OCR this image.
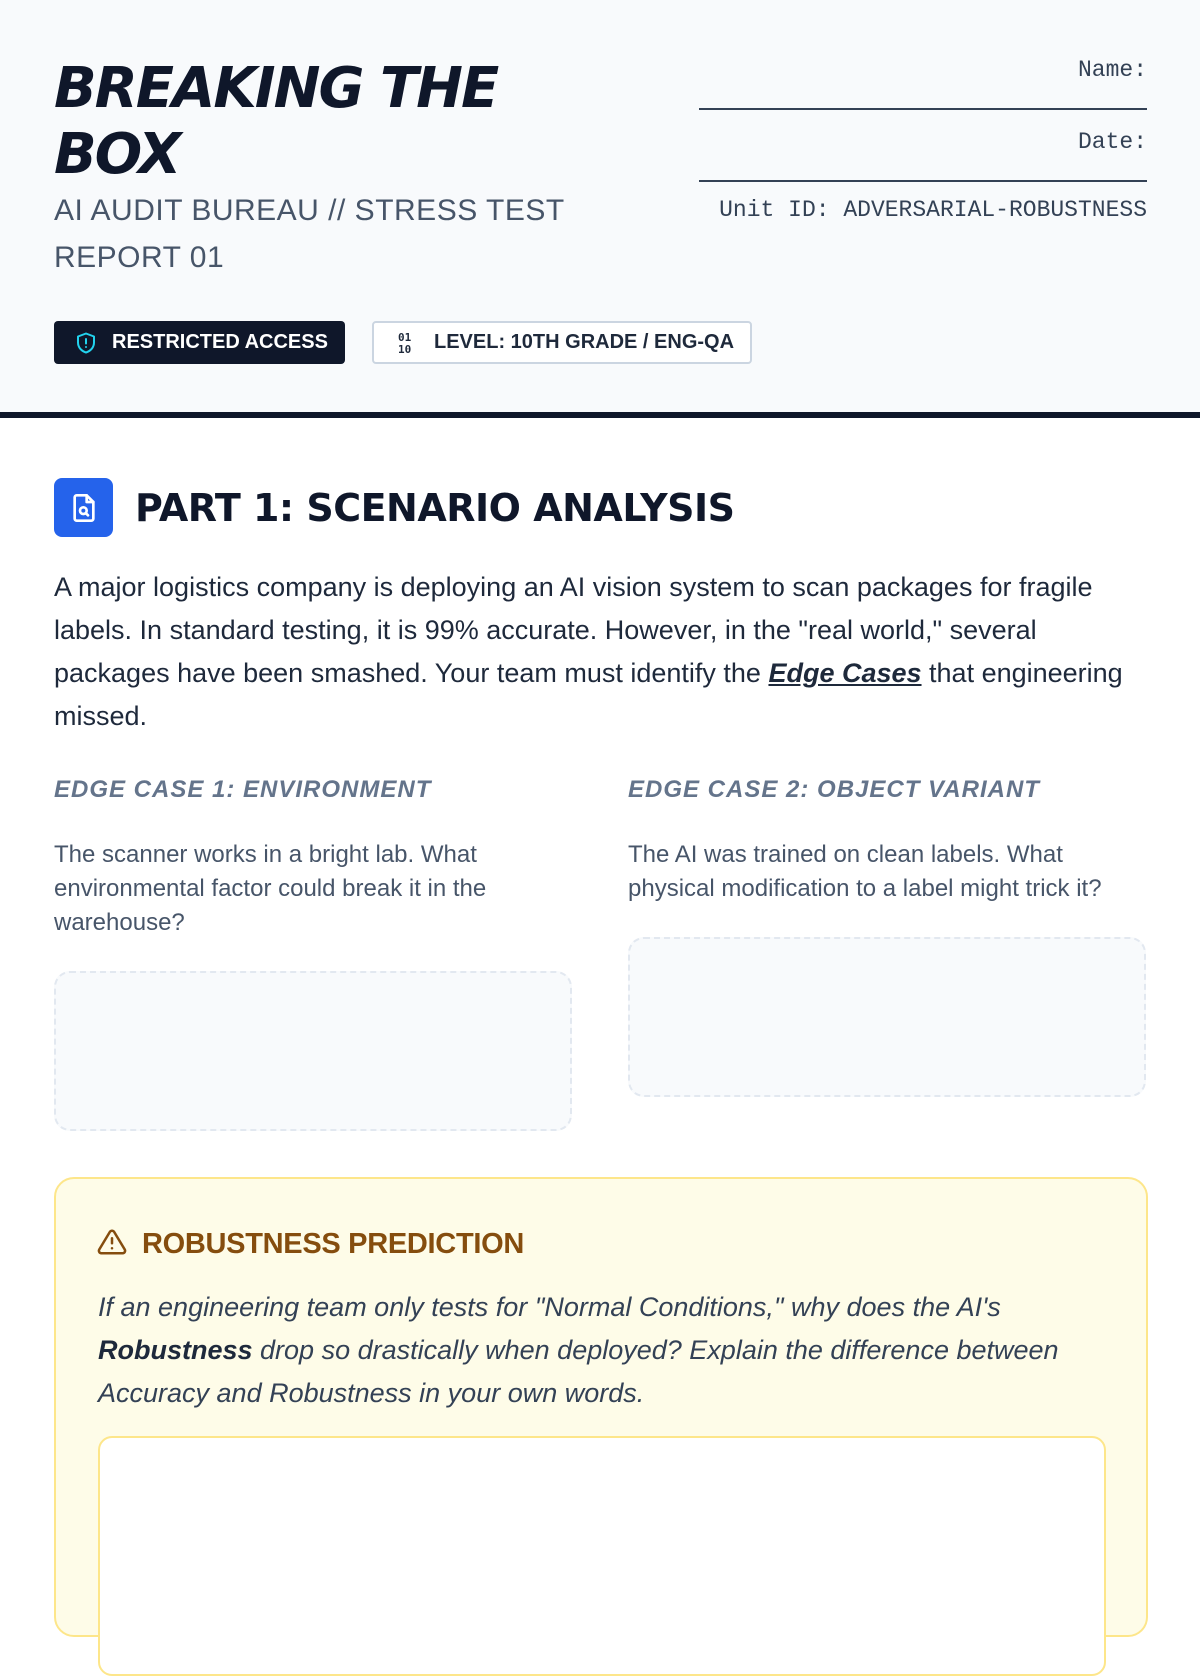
BREAKING THE BOX
AI AUDIT BUREAU // STRESS TEST REPORT 01
Name:
Date:
Unit ID: ADVERSARIAL-ROBUSTNESS
RESTRICTED ACCESS	01
10 LEVEL: 10TH GRADE / ENG-QA
PART 1: SCENARIO ANALYSIS

A major logistics company is deploying an AI vision system to scan packages for fragile labels. In standard testing, it is 99% accurate. However, in the "real world," several packages have been smashed. Your team must identify the Edge Cases that engineering missed.

EDGE CASE 1: ENVIRONMENT

The scanner works in a bright lab. What environmental factor could break it in the warehouse?

EDGE CASE 2: OBJECT VARIANT

The AI was trained on clean labels. What physical modification to a label might trick it?

ROBUSTNESS PREDICTION

If an engineering team only tests for "Normal Conditions," why does the AI's Robustness drop so drastically when deployed? Explain the difference between Accuracy and Robustness in your own words.
